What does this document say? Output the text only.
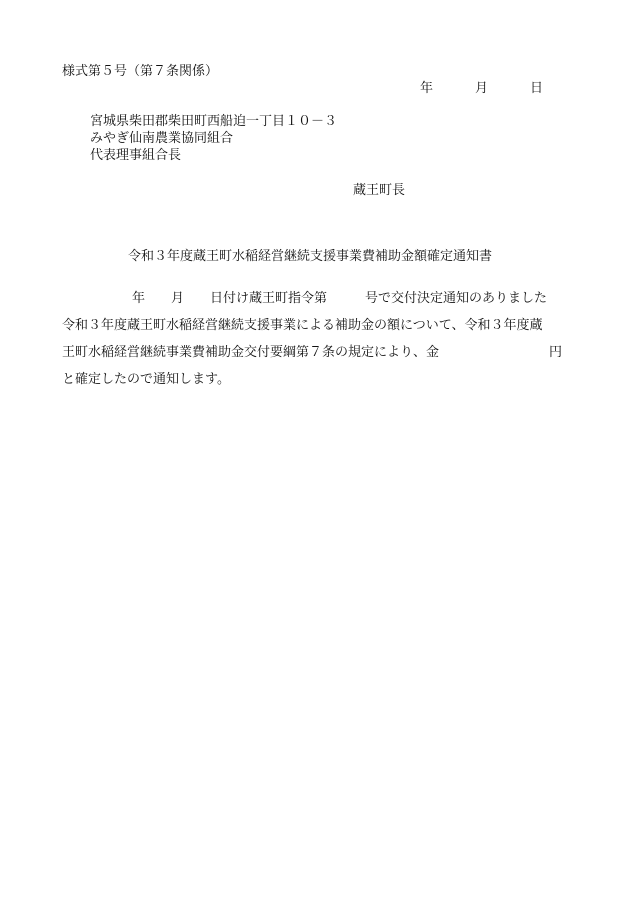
様式第５号（第７条関係）
年	月	日
宮城県柴田郡柴田町西船迫一丁目１０－３
みやぎ仙南農業協同組合
代表理事組合長
蔵王町長
令和３年度蔵王町水稲経営継続支援事業費補助金額確定通知書
年 月 日付け蔵王町指令第	号で交付決定通知のありました
令和３年度蔵王町水稲経営継続支援事業による補助金の額について、令和３年度蔵
王町水稲経営継続事業費補助金交付要綱第７条の規定により、金	円
と確定したので通知します。
